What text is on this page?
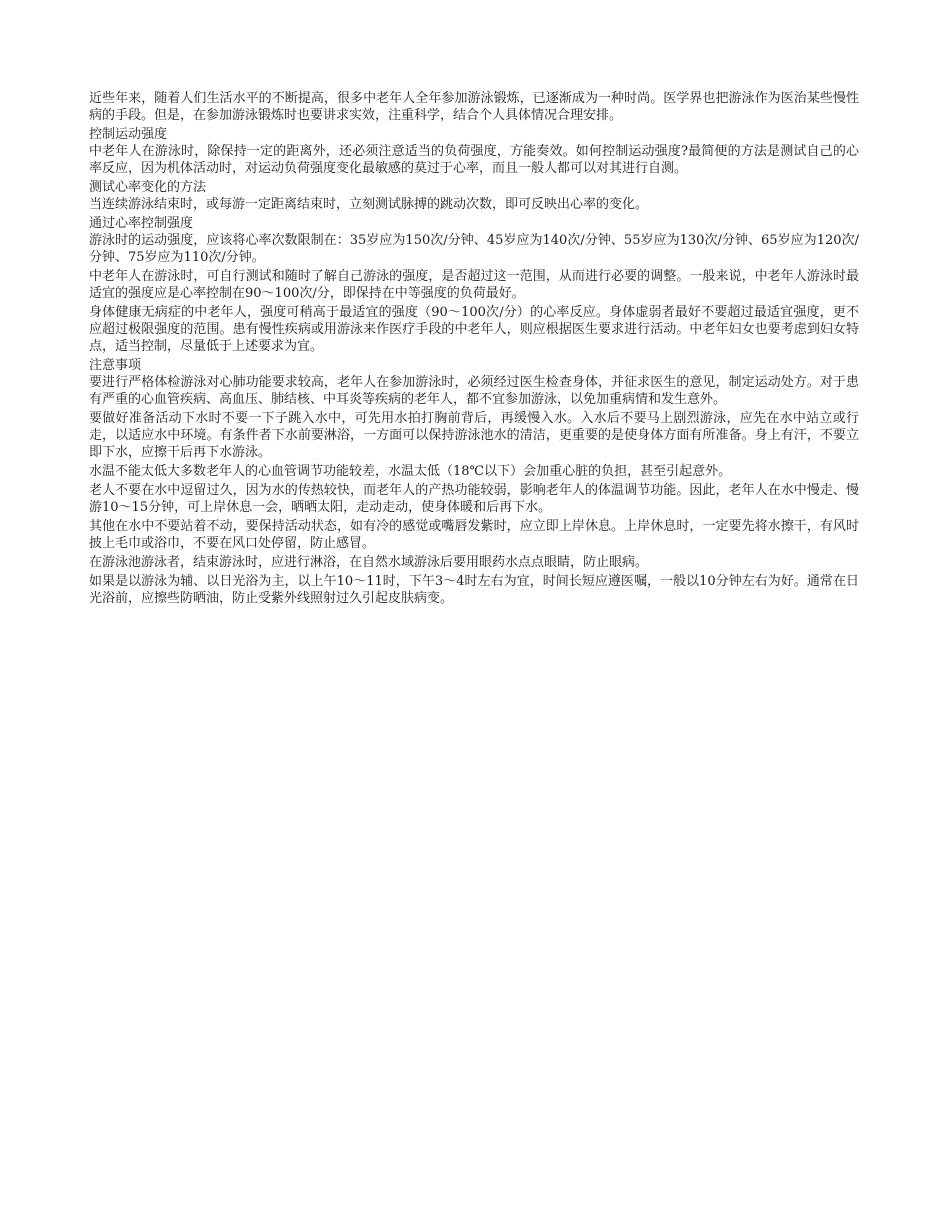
近些年来，随着人们生活水平的不断提高，很多中老年人全年参加游泳锻炼，已逐渐成为一种时尚。医学界也把游泳作为医治某些慢性病的手段。但是，在参加游泳锻炼时也要讲求实效，注重科学，结合个人具体情况合理安排。

控制运动强度

中老年人在游泳时，除保持一定的距离外，还必须注意适当的负荷强度，方能奏效。如何控制运动强度?最简便的方法是测试自己的心率反应，因为机体活动时，对运动负荷强度变化最敏感的莫过于心率，而且一般人都可以对其进行自测。

测试心率变化的方法

当连续游泳结束时，或每游一定距离结束时，立刻测试脉搏的跳动次数，即可反映出心率的变化。

通过心率控制强度

游泳时的运动强度，应该将心率次数限制在：35岁应为150次/分钟、45岁应为140次/分钟、55岁应为130次/分钟、65岁应为120次/分钟、75岁应为110次/分钟。

中老年人在游泳时，可自行测试和随时了解自己游泳的强度，是否超过这一范围，从而进行必要的调整。一般来说，中老年人游泳时最适宜的强度应是心率控制在90～100次/分，即保持在中等强度的负荷最好。

身体健康无病症的中老年人，强度可稍高于最适宜的强度（90～100次/分）的心率反应。身体虚弱者最好不要超过最适宜强度，更不应超过极限强度的范围。患有慢性疾病或用游泳来作医疗手段的中老年人，则应根据医生要求进行活动。中老年妇女也要考虑到妇女特点，适当控制，尽量低于上述要求为宜。

注意事项

要进行严格体检游泳对心肺功能要求较高，老年人在参加游泳时，必须经过医生检查身体，并征求医生的意见，制定运动处方。对于患有严重的心血管疾病、高血压、肺结核、中耳炎等疾病的老年人，都不宜参加游泳，以免加重病情和发生意外。

要做好准备活动下水时不要一下子跳入水中，可先用水拍打胸前背后，再缓慢入水。入水后不要马上剧烈游泳，应先在水中站立或行走，以适应水中环境。有条件者下水前要淋浴，一方面可以保持游泳池水的清洁，更重要的是使身体方面有所准备。身上有汗，不要立即下水，应擦干后再下水游泳。

水温不能太低大多数老年人的心血管调节功能较差，水温太低（18℃以下）会加重心脏的负担，甚至引起意外。

老人不要在水中逗留过久，因为水的传热较快，而老年人的产热功能较弱，影响老年人的体温调节功能。因此，老年人在水中慢走、慢游10～15分钟，可上岸休息一会，晒晒太阳，走动走动，使身体暖和后再下水。

其他在水中不要站着不动，要保持活动状态，如有冷的感觉或嘴唇发紫时，应立即上岸休息。上岸休息时，一定要先将水擦干，有风时披上毛巾或浴巾，不要在风口处停留，防止感冒。

在游泳池游泳者，结束游泳时，应进行淋浴，在自然水域游泳后要用眼药水点点眼睛，防止眼病。

如果是以游泳为辅、以日光浴为主，以上午10～11时，下午3～4时左右为宜，时间长短应遵医嘱，一般以10分钟左右为好。通常在日光浴前，应擦些防晒油，防止受紫外线照射过久引起皮肤病变。
